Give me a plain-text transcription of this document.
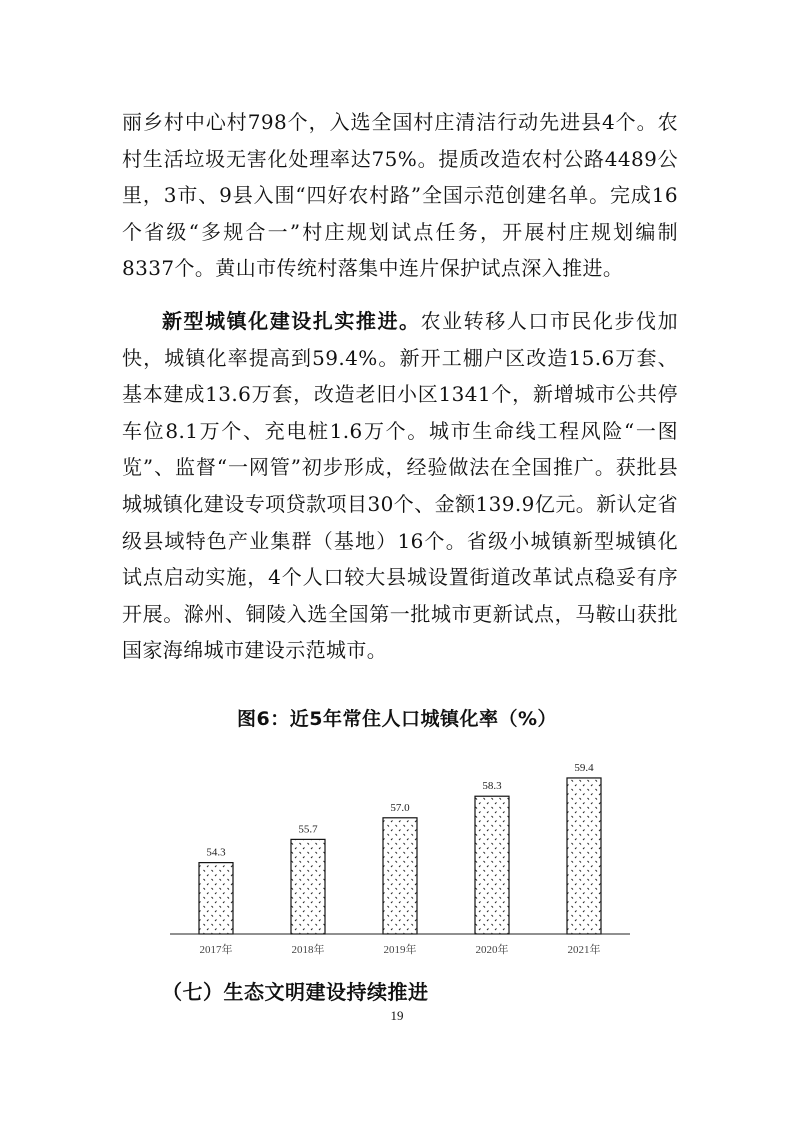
丽乡村中心村798个，入选全国村庄清洁行动先进县4个。农村生活垃圾无害化处理率达75%。提质改造农村公路4489公里，3市、9县入围“四好农村路”全国示范创建名单。完成16个省级“多规合一”村庄规划试点任务，开展村庄规划编制8337个。黄山市传统村落集中连片保护试点深入推进。

新型城镇化建设扎实推进。农业转移人口市民化步伐加快，城镇化率提高到59.4%。新开工棚户区改造15.6万套、基本建成13.6万套，改造老旧小区1341个，新增城市公共停车位8.1万个、充电桩1.6万个。城市生命线工程风险“一图览”、监督“一网管”初步形成，经验做法在全国推广。获批县城城镇化建设专项贷款项目30个、金额139.9亿元。新认定省级县域特色产业集群（基地）16个。省级小城镇新型城镇化试点启动实施，4个人口较大县城设置街道改革试点稳妥有序开展。滁州、铜陵入选全国第一批城市更新试点，马鞍山获批国家海绵城市建设示范城市。

图6：近5年常住人口城镇化率（%）
54.3
2017年
55.7
2018年
57.0
2019年
58.3
2020年
59.4
2021年
（七）生态文明建设持续推进
19
